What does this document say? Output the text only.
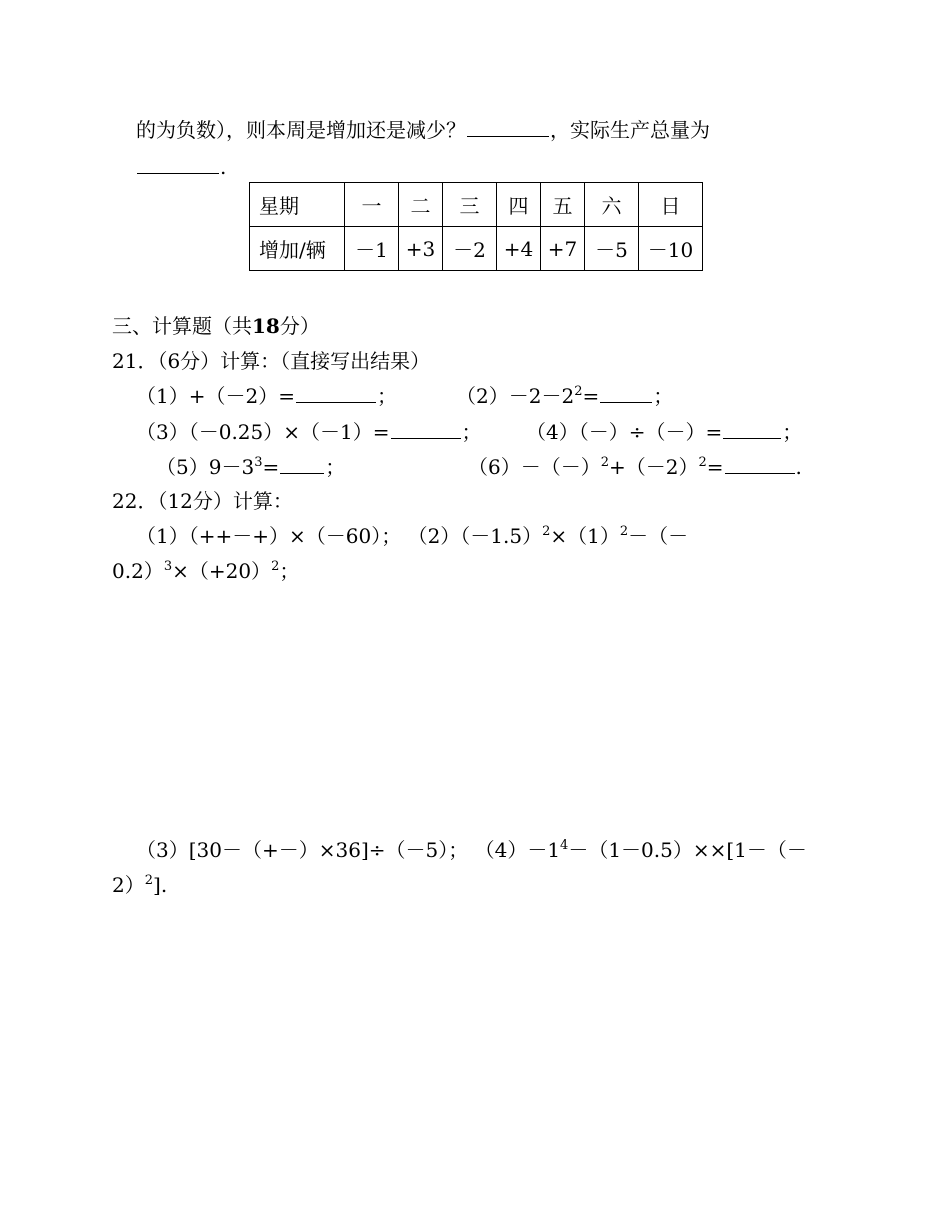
的为负数），则本周是增加还是减少？	，实际生产总量为
.
星期	一	二	三	四	五	六	日
增加/辆	－1	+3	－2	+4	+7	－5	－10
三、计算题（共18分）
21．（6分）计算：（直接写出结果）
（1）+（－2）=	；	$(2)-2-2^2=$	；
（3）（－0.25）×（－1）=	； （4）（－）÷（－）=	；
$(5)9-3^3=$ ；	$(6)-(-)^2+(-2)^2=$	.
22．（12分）计算：
（1）（++－+）×（－60）； $(2)(-1.5)^2\times(1)^2-(-$
$0.2)^3\times(+20)^2$；
（3）[30－（+－）×36]÷（－5）； $(4)-1^4-(1-0.5)\times\times[1-(-$
2）$^2$].
